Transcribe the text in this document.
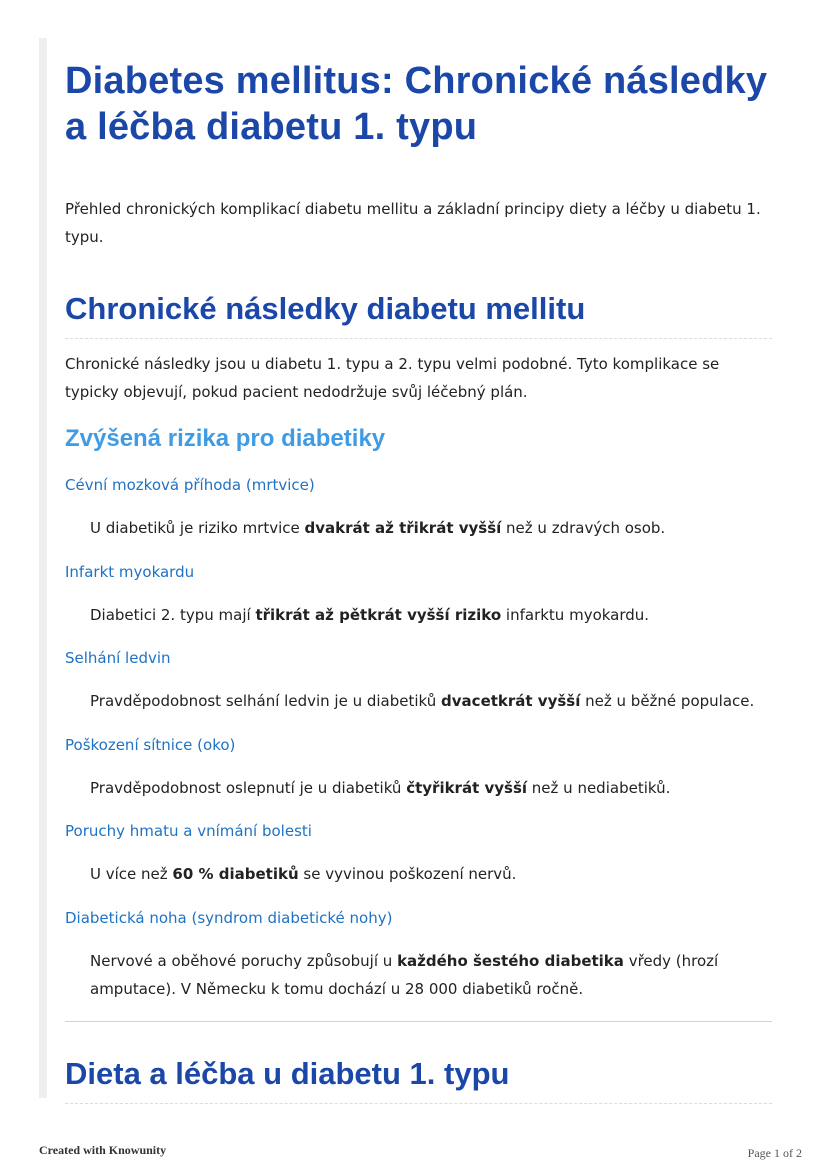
Diabetes mellitus: Chronické následky a léčba diabetu 1. typu

Přehled chronických komplikací diabetu mellitu a základní principy diety a léčby u diabetu 1. typu.

Chronické následky diabetu mellitu

Chronické následky jsou u diabetu 1. typu a 2. typu velmi podobné. Tyto komplikace se typicky objevují, pokud pacient nedodržuje svůj léčebný plán.

Zvýšená rizika pro diabetiky
Cévní mozková příhoda (mrtvice)

U diabetiků je riziko mrtvice dvakrát až třikrát vyšší než u zdravých osob.

Infarkt myokardu

Diabetici 2. typu mají třikrát až pětkrát vyšší riziko infarktu myokardu.

Selhání ledvin

Pravděpodobnost selhání ledvin je u diabetiků dvacetkrát vyšší než u běžné populace.

Poškození sítnice (oko)

Pravděpodobnost oslepnutí je u diabetiků čtyřikrát vyšší než u nediabetiků.

Poruchy hmatu a vnímání bolesti

U více než 60 % diabetiků se vyvinou poškození nervů.

Diabetická noha (syndrom diabetické nohy)

Nervové a oběhové poruchy způsobují u každého šestého diabetika vředy (hrozí amputace). V Německu k tomu dochází u 28 000 diabetiků ročně.

Dieta a léčba u diabetu 1. typu
Created with Knowunity	Page 1 of 2
